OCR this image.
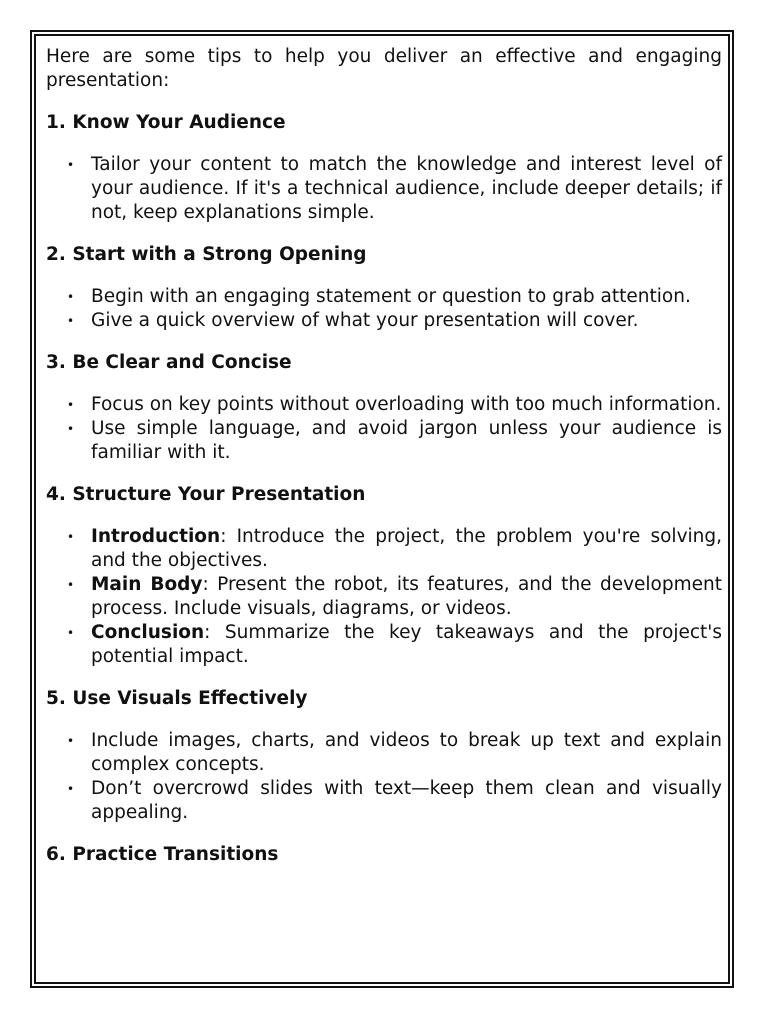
Here are some tips to help you deliver an effective and engaging presentation:

1. Know Your Audience
• Tailor your content to match the knowledge and interest level of your audience. If it's a technical audience, include deeper details; if not, keep explanations simple.
2. Start with a Strong Opening
• Begin with an engaging statement or question to grab attention.
• Give a quick overview of what your presentation will cover.
3. Be Clear and Concise
• Focus on key points without overloading with too much information.
• Use simple language, and avoid jargon unless your audience is familiar with it.
4. Structure Your Presentation
• Introduction: Introduce the project, the problem you're solving, and the objectives.
• Main Body: Present the robot, its features, and the development process. Include visuals, diagrams, or videos.
• Conclusion: Summarize the key takeaways and the project's potential impact.
5. Use Visuals Effectively
• Include images, charts, and videos to break up text and explain complex concepts.
• Don’t overcrowd slides with text—keep them clean and visually appealing.
6. Practice Transitions
